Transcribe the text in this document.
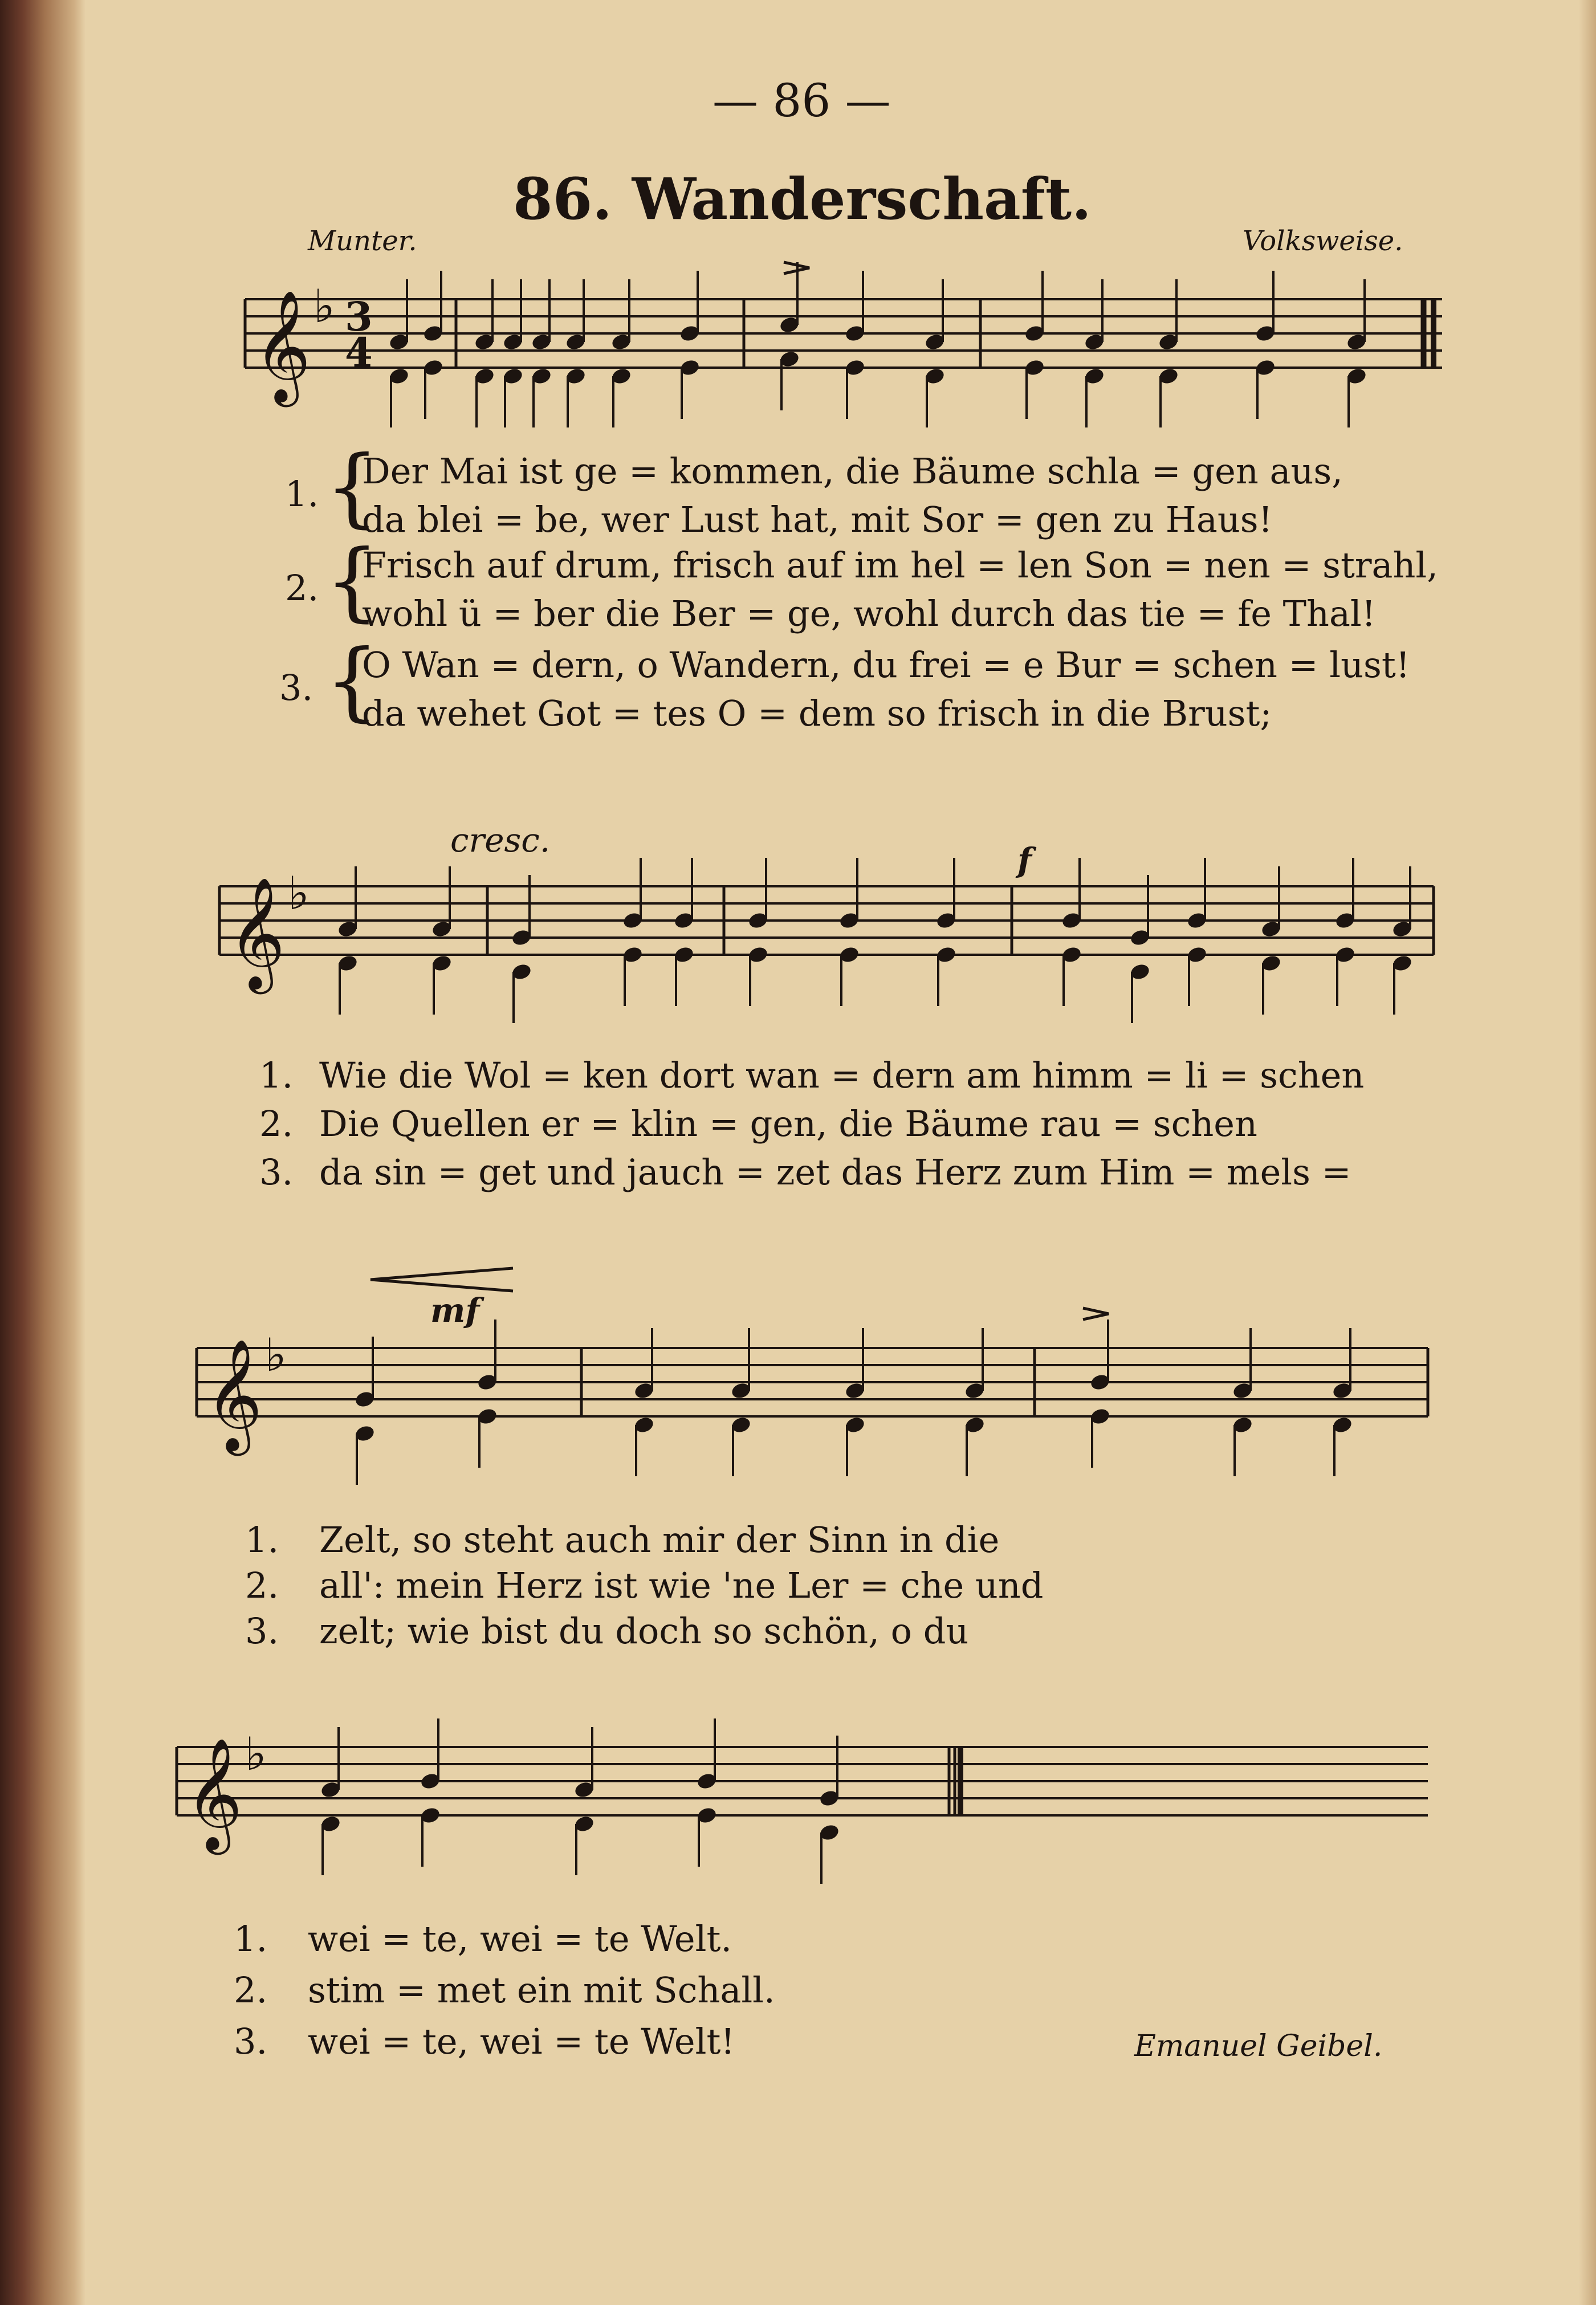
— 86 —
86. Wanderschaft.
Munter.	Volksweise.
𝄞 ♭ 3
4
𝄞 ♭
𝄞 ♭
𝄞 ♭
cresc.
f
mf
1. {
Der Mai ist ge = kommen, die Bäume schla = gen aus,
da blei = be, wer Lust hat, mit Sor = gen zu Haus!
2. {
Frisch auf drum, frisch auf im hel = len Son = nen = strahl,
wohl ü = ber die Ber = ge, wohl durch das tie = fe Thal!
3. {
O Wan = dern, o Wandern, du frei = e Bur = schen = lust!
da wehet Got = tes O = dem so frisch in die Brust;
1. Wie die Wol = ken dort wan = dern am himm = li = schen
2. Die Quellen er = klin = gen, die Bäume rau = schen
3. da sin = get und jauch = zet das Herz zum Him = mels =
1. Zelt, so steht auch mir der Sinn in die
2. all': mein Herz ist wie 'ne Ler = che und
3. zelt; wie bist du doch so schön, o du
1. wei = te, wei = te Welt.
2. stim = met ein mit Schall.
3. wei = te, wei = te Welt!	Emanuel Geibel.
